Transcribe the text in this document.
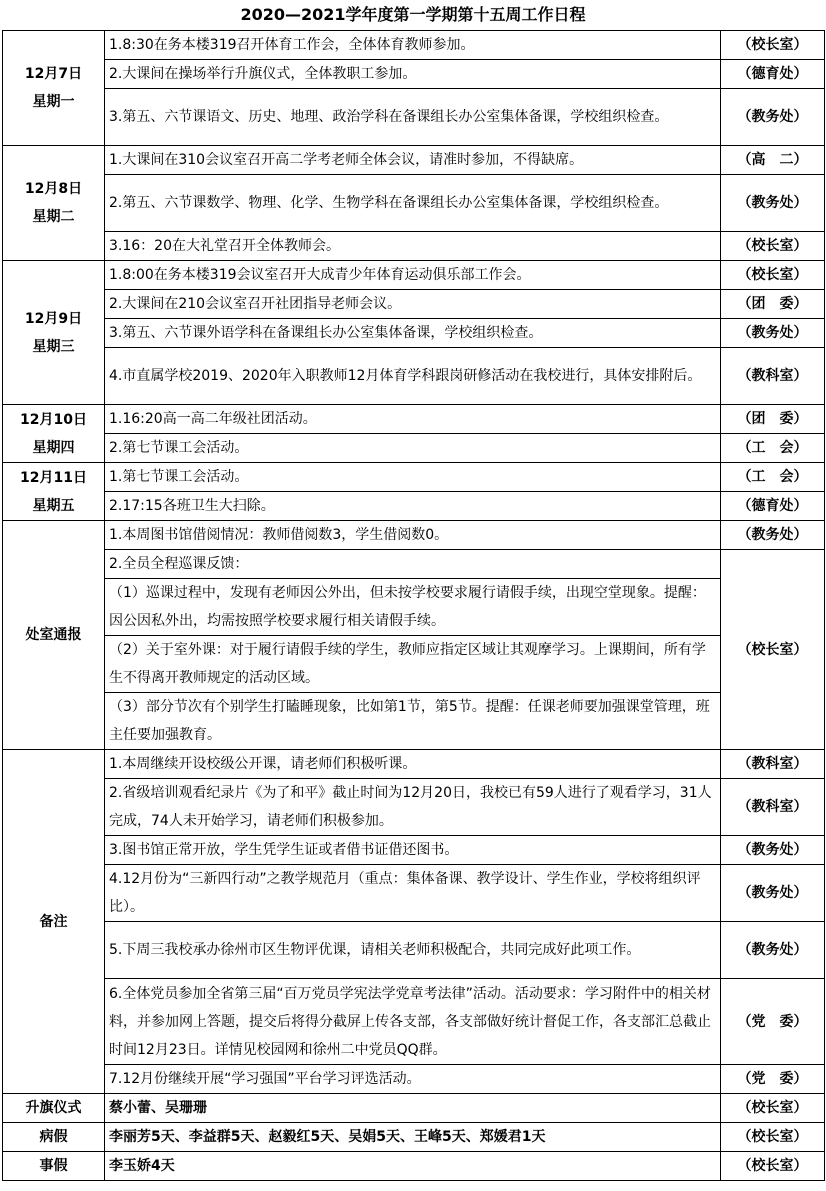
2020—2021学年度第一学期第十五周工作日程
12月7日
星期一	1.8:30在务本楼319召开体育工作会，全体体育教师参加。	（校长室）
	2.大课间在操场举行升旗仪式，全体教职工参加。	（德育处）
	3.第五、六节课语文、历史、地理、政治学科在备课组长办公室集体备课，学校组织检查。	（教务处）

12月8日
星期二	1.大课间在310会议室召开高二学考老师全体会议，请准时参加，不得缺席。	（高　二）
	2.第五、六节课数学、物理、化学、生物学科在备课组长办公室集体备课，学校组织检查。	（教务处）
	3.16：20在大礼堂召开全体教师会。	（校长室）

12月9日
星期三	1.8:00在务本楼319会议室召开大成青少年体育运动俱乐部工作会。	（校长室）
	2.大课间在210会议室召开社团指导老师会议。	（团　委）
	3.第五、六节课外语学科在备课组长办公室集体备课，学校组织检查。	（教务处）
	4.市直属学校2019、2020年入职教师12月体育学科跟岗研修活动在我校进行，具体安排附后。	（教科室）

12月10日
星期四	1.16:20高一高二年级社团活动。	（团　委）
	2.第七节课工会活动。	（工　会）

12月11日
星期五	1.第七节课工会活动。	（工　会）
	2.17:15各班卫生大扫除。	（德育处）
处室通报	1.本周图书馆借阅情况：教师借阅数3，学生借阅数0。	（教务处）
	2.全员全程巡课反馈：	（校长室）
	（1）巡课过程中，发现有老师因公外出，但未按学校要求履行请假手续，出现空堂现象。提醒：因公因私外出，均需按照学校要求履行相关请假手续。	
	（2）关于室外课：对于履行请假手续的学生，教师应指定区域让其观摩学习。上课期间，所有学生不得离开教师规定的活动区域。	
	（3）部分节次有个别学生打瞌睡现象，比如第1节，第5节。提醒：任课老师要加强课堂管理，班主任要加强教育。	
备注	1.本周继续开设校级公开课，请老师们积极听课。	（教科室）
	2.省级培训观看纪录片《为了和平》截止时间为12月20日，我校已有59人进行了观看学习，31人完成，74人未开始学习，请老师们积极参加。	（教科室）
	3.图书馆正常开放，学生凭学生证或者借书证借还图书。	（教务处）
	4.12月份为“三新四行动”之教学规范月（重点：集体备课、教学设计、学生作业，学校将组织评比）。	（教务处）
	5.下周三我校承办徐州市区生物评优课，请相关老师积极配合，共同完成好此项工作。	（教务处）
	6.全体党员参加全省第三届“百万党员学宪法学党章考法律”活动。活动要求：学习附件中的相关材料，并参加网上答题，提交后将得分截屏上传各支部，各支部做好统计督促工作，各支部汇总截止时间12月23日。详情见校园网和徐州二中党员QQ群。	（党　委）
	7.12月份继续开展“学习强国”平台学习评选活动。	（党　委）
升旗仪式	蔡小蕾、吴珊珊	（校长室）
病假	李丽芳5天、李益群5天、赵毅红5天、吴娟5天、王峰5天、郑媛君1天	（校长室）
事假	李玉娇4天	（校长室）
